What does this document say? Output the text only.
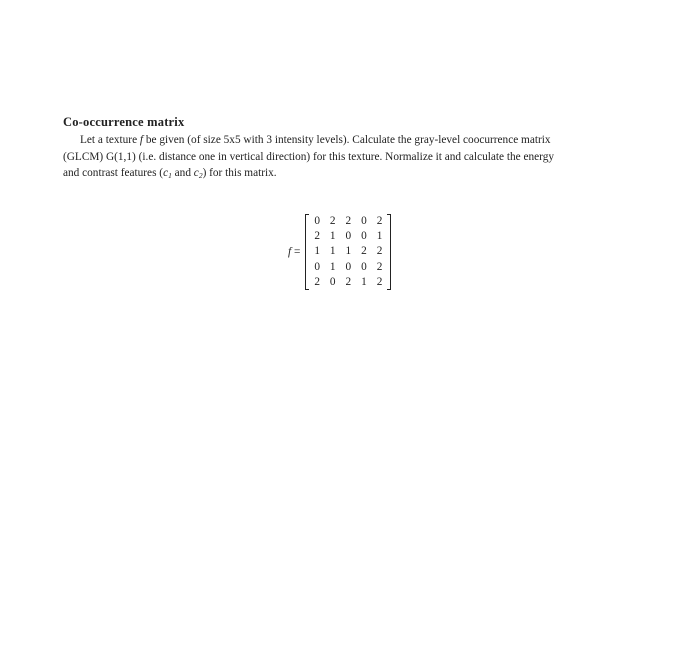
Co-occurrence matrix

Let a texture f be given (of size 5x5 with 3 intensity levels). Calculate the gray-level coocurrence matrix
(GLCM) G(1,1) (i.e. distance one in vertical direction) for this texture. Normalize it and calculate the energy
and contrast features ($c_1$ and $c_2$) for this matrix.

f =
0 2 2 0 2
2 1 0 0 1
1 1 1 2 2
0 1 0 0 2
2 0 2 1 2
